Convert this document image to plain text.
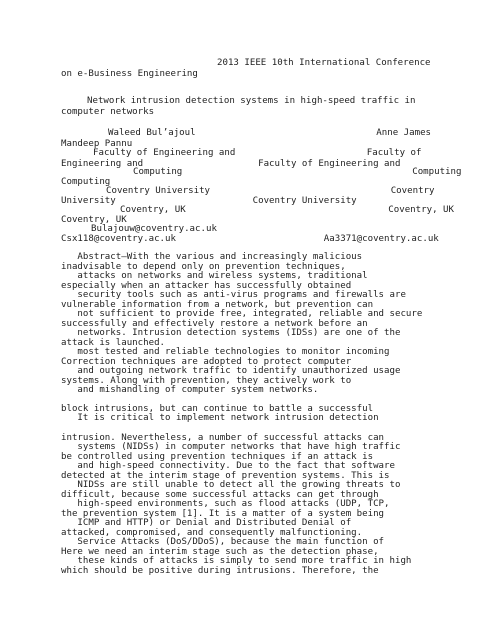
2013 IEEE 10th International Conference
on e-Business Engineering
Network intrusion detection systems in high-speed traffic in
computer networks
Waleed Bul’ajoul                                 Anne James
Mandeep Pannu
Faculty of Engineering and                        Faculty of
Engineering and                     Faculty of Engineering and
Computing                                          Computing
Computing
Coventry University                                 Coventry
University                         Coventry University
Coventry, UK                                     Coventry, UK
Coventry, UK
Bulajouw@coventry.ac.uk
Csx118@coventry.ac.uk                           Aa3371@coventry.ac.uk
Abstract—With the various and increasingly malicious
inadvisable to depend only on prevention techniques,
attacks on networks and wireless systems, traditional
especially when an attacker has successfully obtained
security tools such as anti-virus programs and firewalls are
vulnerable information from a network, but prevention can
not sufficient to provide free, integrated, reliable and secure
successfully and effectively restore a network before an
networks. Intrusion detection systems (IDSs) are one of the
attack is launched.
most tested and reliable technologies to monitor incoming
Correction techniques are adopted to protect computer
and outgoing network traffic to identify unauthorized usage
systems. Along with prevention, they actively work to
and mishandling of computer system networks.
block intrusions, but can continue to battle a successful
It is critical to implement network intrusion detection
intrusion. Nevertheless, a number of successful attacks can
systems (NIDSs) in computer networks that have high traffic
be controlled using prevention techniques if an attack is
and high-speed connectivity. Due to the fact that software
detected at the interim stage of prevention systems. This is
NIDSs are still unable to detect all the growing threats to
difficult, because some successful attacks can get through
high-speed environments, such as flood attacks (UDP, TCP,
the prevention system [1]. It is a matter of a system being
ICMP and HTTP) or Denial and Distributed Denial of
attacked, compromised, and consequently malfunctioning.
Service Attacks (DoS/DDoS), because the main function of
Here we need an interim stage such as the detection phase,
these kinds of attacks is simply to send more traffic in high
which should be positive during intrusions. Therefore, the
